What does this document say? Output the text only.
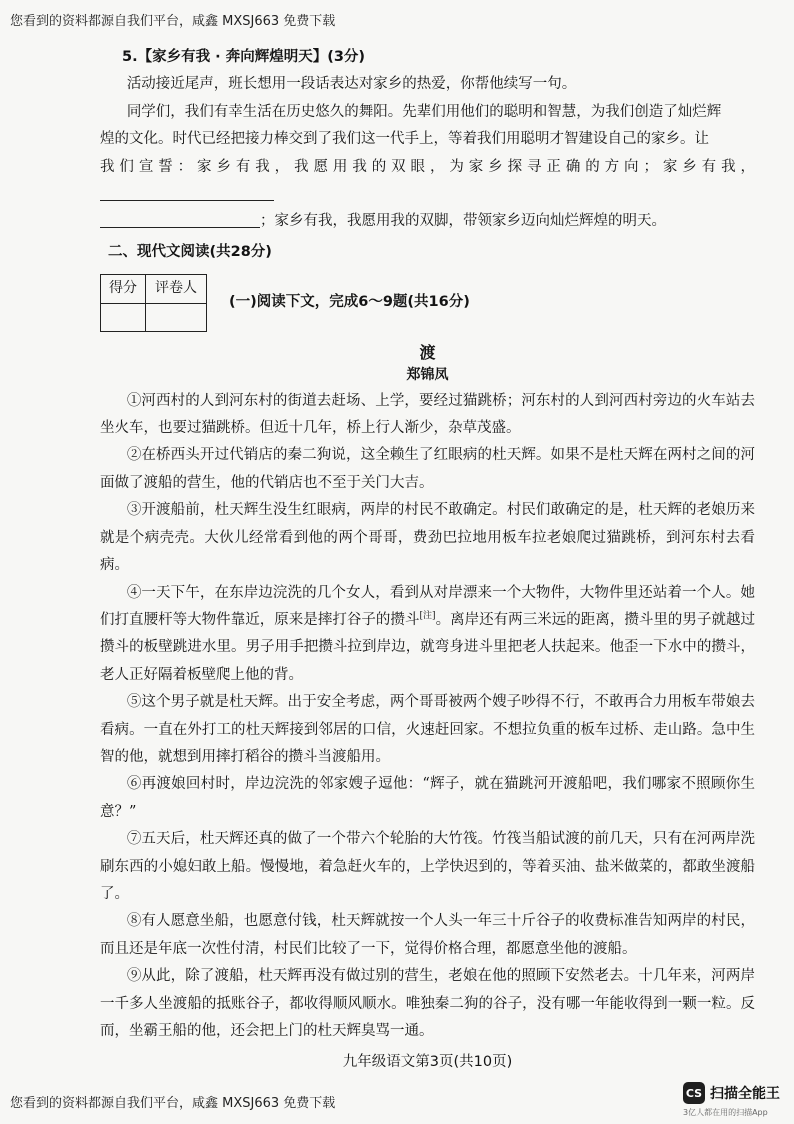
您看到的资料都源自我们平台，咸鑫 MXSJ663 免费下载

5.【家乡有我 · 奔向辉煌明天】(3分)

活动接近尾声，班长想用一段话表达对家乡的热爱，你帮他续写一句。

同学们，我们有幸生活在历史悠久的舞阳。先辈们用他们的聪明和智慧，为我们创造了灿烂辉

煌的文化。时代已经把接力棒交到了我们这一代手上，等着我们用聪明才智建设自己的家乡。让

我们宣誓：家乡有我，我愿用我的双眼，为家乡探寻正确的方向；家乡有我，

；家乡有我，我愿用我的双脚，带领家乡迈向灿烂辉煌的明天。

二、现代文阅读(共28分)

得分	评卷人

(一)阅读下文，完成6～9题(共16分)
渡
郑锦凤

①河西村的人到河东村的街道去赶场、上学，要经过猫跳桥；河东村的人到河西村旁边的火车站去坐火车，也要过猫跳桥。但近十几年，桥上行人渐少，杂草茂盛。

②在桥西头开过代销店的秦二狗说，这全赖生了红眼病的杜天辉。如果不是杜天辉在两村之间的河面做了渡船的营生，他的代销店也不至于关门大吉。

③开渡船前，杜天辉生没生红眼病，两岸的村民不敢确定。村民们敢确定的是，杜天辉的老娘历来就是个病壳壳。大伙儿经常看到他的两个哥哥，费劲巴拉地用板车拉老娘爬过猫跳桥，到河东村去看病。

④一天下午，在东岸边浣洗的几个女人，看到从对岸漂来一个大物件，大物件里还站着一个人。她们打直腰杆等大物件靠近，原来是摔打谷子的攒斗[注]。离岸还有两三米远的距离，攒斗里的男子就越过攒斗的板壁跳进水里。男子用手把攒斗拉到岸边，就弯身进斗里把老人扶起来。他歪一下水中的攒斗，老人正好隔着板壁爬上他的背。

⑤这个男子就是杜天辉。出于安全考虑，两个哥哥被两个嫂子吵得不行，不敢再合力用板车带娘去看病。一直在外打工的杜天辉接到邻居的口信，火速赶回家。不想拉负重的板车过桥、走山路。急中生智的他，就想到用摔打稻谷的攒斗当渡船用。

⑥再渡娘回村时，岸边浣洗的邻家嫂子逗他：“辉子，就在猫跳河开渡船吧，我们哪家不照顾你生意？”

⑦五天后，杜天辉还真的做了一个带六个轮胎的大竹筏。竹筏当船试渡的前几天，只有在河两岸洗刷东西的小媳妇敢上船。慢慢地，着急赶火车的，上学快迟到的，等着买油、盐米做菜的，都敢坐渡船了。

⑧有人愿意坐船，也愿意付钱，杜天辉就按一个人头一年三十斤谷子的收费标准告知两岸的村民，而且还是年底一次性付清，村民们比较了一下，觉得价格合理，都愿意坐他的渡船。

⑨从此，除了渡船，杜天辉再没有做过别的营生，老娘在他的照顾下安然老去。十几年来，河两岸一千多人坐渡船的抵账谷子，都收得顺风顺水。唯独秦二狗的谷子，没有哪一年能收得到一颗一粒。反而，坐霸王船的他，还会把上门的杜天辉臭骂一通。

九年级语文第3页(共10页)
您看到的资料都源自我们平台，咸鑫 MXSJ663 免费下载
CS 扫描全能王
3亿人都在用的扫描App
